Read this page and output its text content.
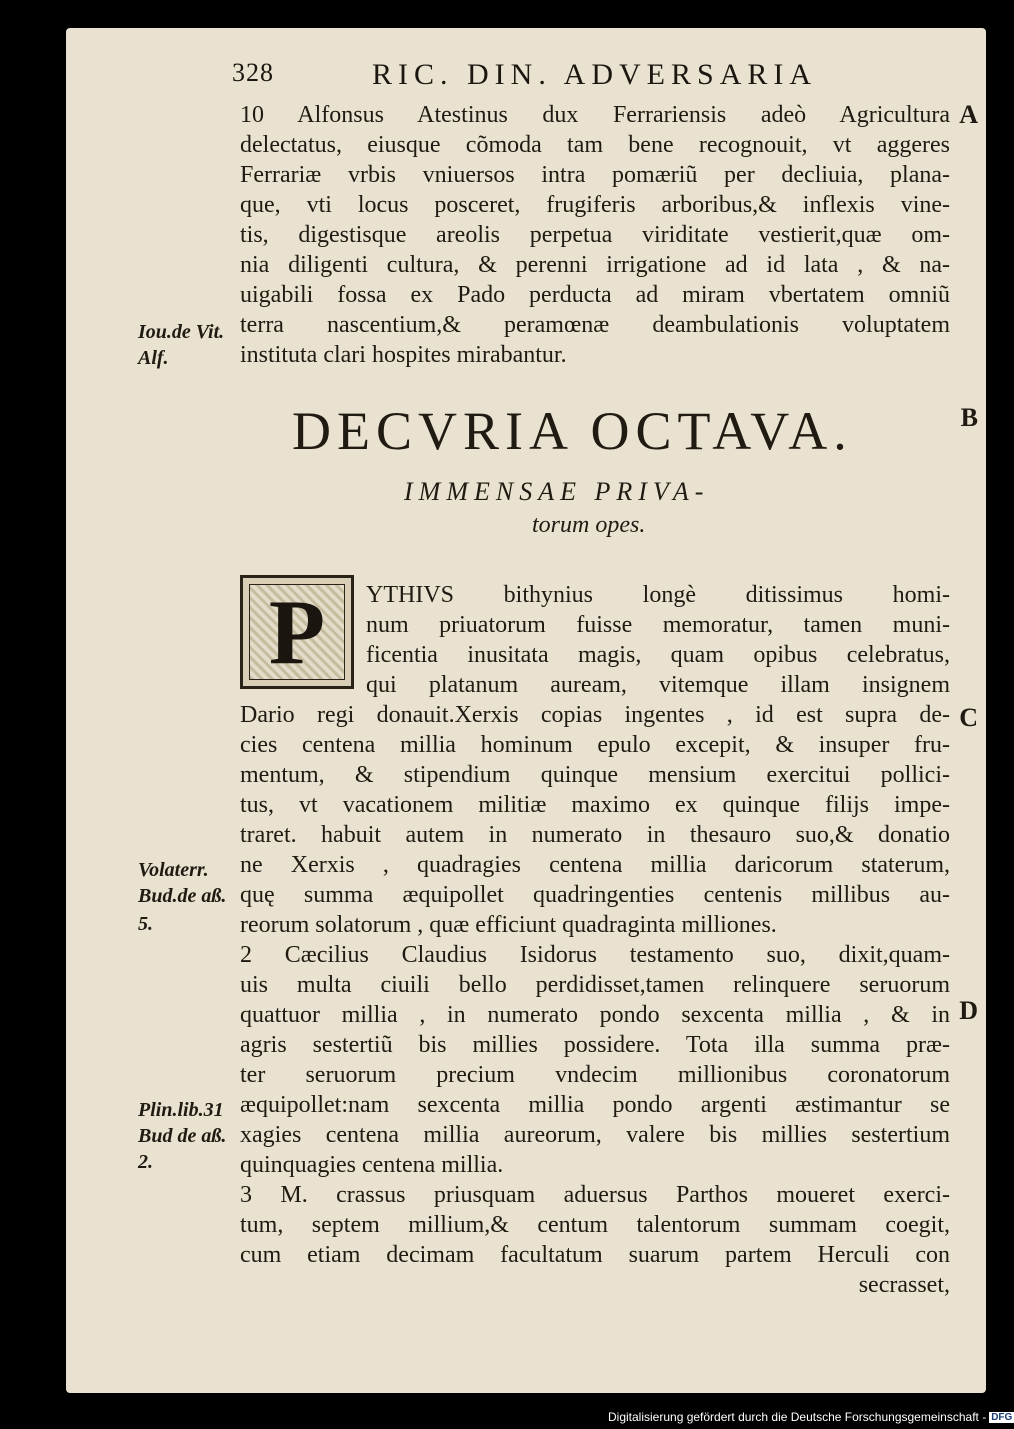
328	RIC. DIN. ADVERSARIA
10 Alfonsus Atestinus dux Ferrariensis adeò Agricultura
delectatus, eiusque cõmoda tam bene recognouit, vt aggeres
Ferrariæ vrbis vniuersos intra pomæriũ per decliuia, plana-
que, vti locus posceret, frugiferis arboribus,& inflexis vine-
tis, digestisque areolis perpetua viriditate vestierit,quæ om-
nia diligenti cultura, & perenni irrigatione ad id lata , & na-
uigabili fossa ex Pado perducta ad miram vbertatem omniũ
terra nascentium,& peramœnæ deambulationis voluptatem
instituta clari hospites mirabantur.
Iou.de Vit.
Alf.
A
B
C
D
DECVRIA OCTAVA.
IMMENSAE PRIVA-
torum opes.
P	YTHIVS bithynius longè ditissimus homi-
num priuatorum fuisse memoratur, tamen muni-
ficentia inusitata magis, quam opibus celebratus,
qui platanum auream, vitemque illam insignem
Dario regi donauit.Xerxis copias ingentes , id est supra de-
cies centena millia hominum epulo excepit, & insuper fru-
mentum, & stipendium quinque mensium exercitui pollici-
tus, vt vacationem militiæ maximo ex quinque filijs impe-
traret. habuit autem in numerato in thesauro suo,& donatio
ne Xerxis , quadragies centena millia daricorum staterum,
quę summa æquipollet quadringenties centenis millibus au-
reorum solatorum , quæ efficiunt quadraginta milliones.
2 Cæcilius Claudius Isidorus testamento suo, dixit,quam-
uis multa ciuili bello perdidisset,tamen relinquere seruorum
quattuor millia , in numerato pondo sexcenta millia , & in
agris sestertiũ bis millies possidere. Tota illa summa præ-
ter seruorum precium vndecim millionibus coronatorum
æquipollet:nam sexcenta millia pondo argenti æstimantur se
xagies centena millia aureorum, valere bis millies sestertium
quinquagies centena millia.
3 M. crassus priusquam aduersus Parthos moueret exerci-
tum, septem millium,& centum talentorum summam coegit,
cum etiam decimam facultatum suarum partem Herculi con
secrasset,
Volaterr.
Bud.de aß.
5.
Plin.lib.31
Bud de aß.
2.
Digitalisierung gefördert durch die Deutsche Forschungsgemeinschaft - DFG
